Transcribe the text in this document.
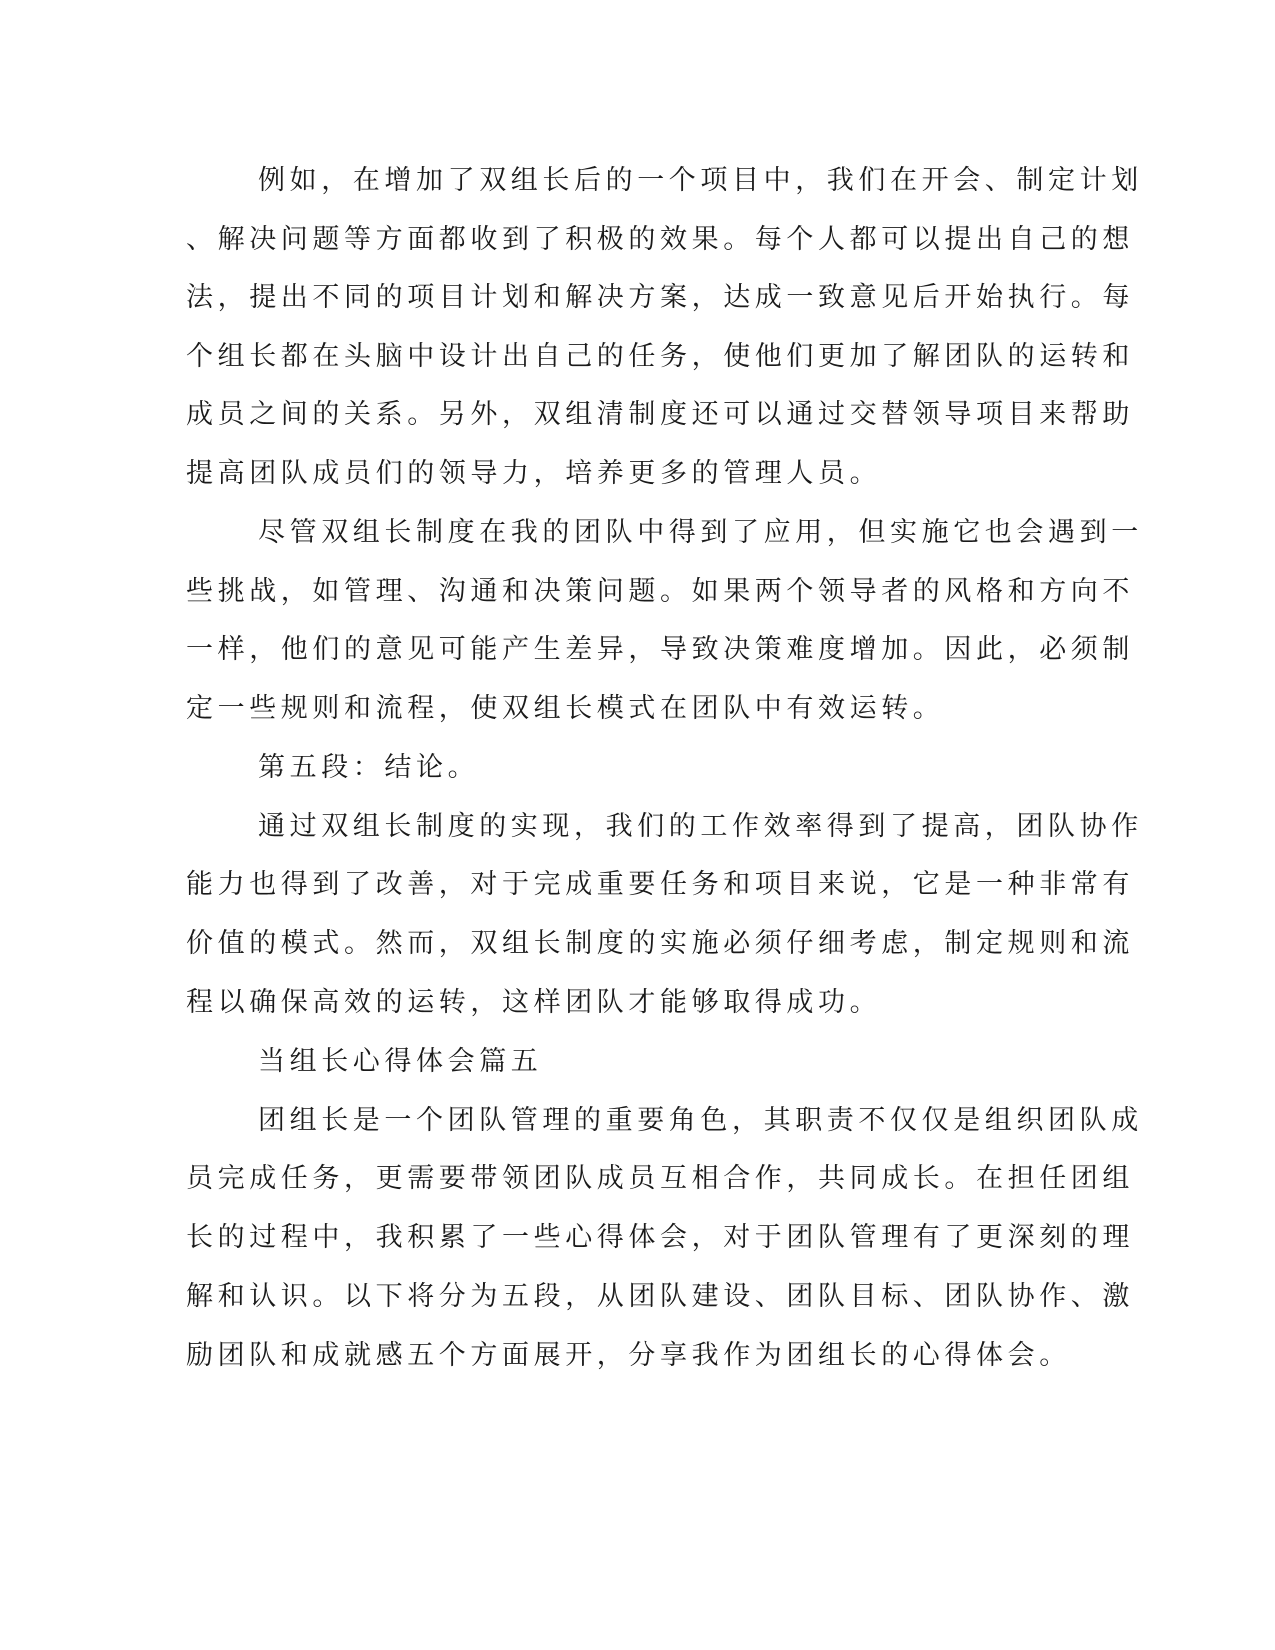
例如，在增加了双组长后的一个项目中，我们在开会、制定计划
、解决问题等方面都收到了积极的效果。每个人都可以提出自己的想
法，提出不同的项目计划和解决方案，达成一致意见后开始执行。每
个组长都在头脑中设计出自己的任务，使他们更加了解团队的运转和
成员之间的关系。另外，双组清制度还可以通过交替领导项目来帮助
提高团队成员们的领导力，培养更多的管理人员。
尽管双组长制度在我的团队中得到了应用，但实施它也会遇到一
些挑战，如管理、沟通和决策问题。如果两个领导者的风格和方向不
一样，他们的意见可能产生差异，导致决策难度增加。因此，必须制
定一些规则和流程，使双组长模式在团队中有效运转。
第五段：结论。
通过双组长制度的实现，我们的工作效率得到了提高，团队协作
能力也得到了改善，对于完成重要任务和项目来说，它是一种非常有
价值的模式。然而，双组长制度的实施必须仔细考虑，制定规则和流
程以确保高效的运转，这样团队才能够取得成功。
当组长心得体会篇五
团组长是一个团队管理的重要角色，其职责不仅仅是组织团队成
员完成任务，更需要带领团队成员互相合作，共同成长。在担任团组
长的过程中，我积累了一些心得体会，对于团队管理有了更深刻的理
解和认识。以下将分为五段，从团队建设、团队目标、团队协作、激
励团队和成就感五个方面展开，分享我作为团组长的心得体会。
